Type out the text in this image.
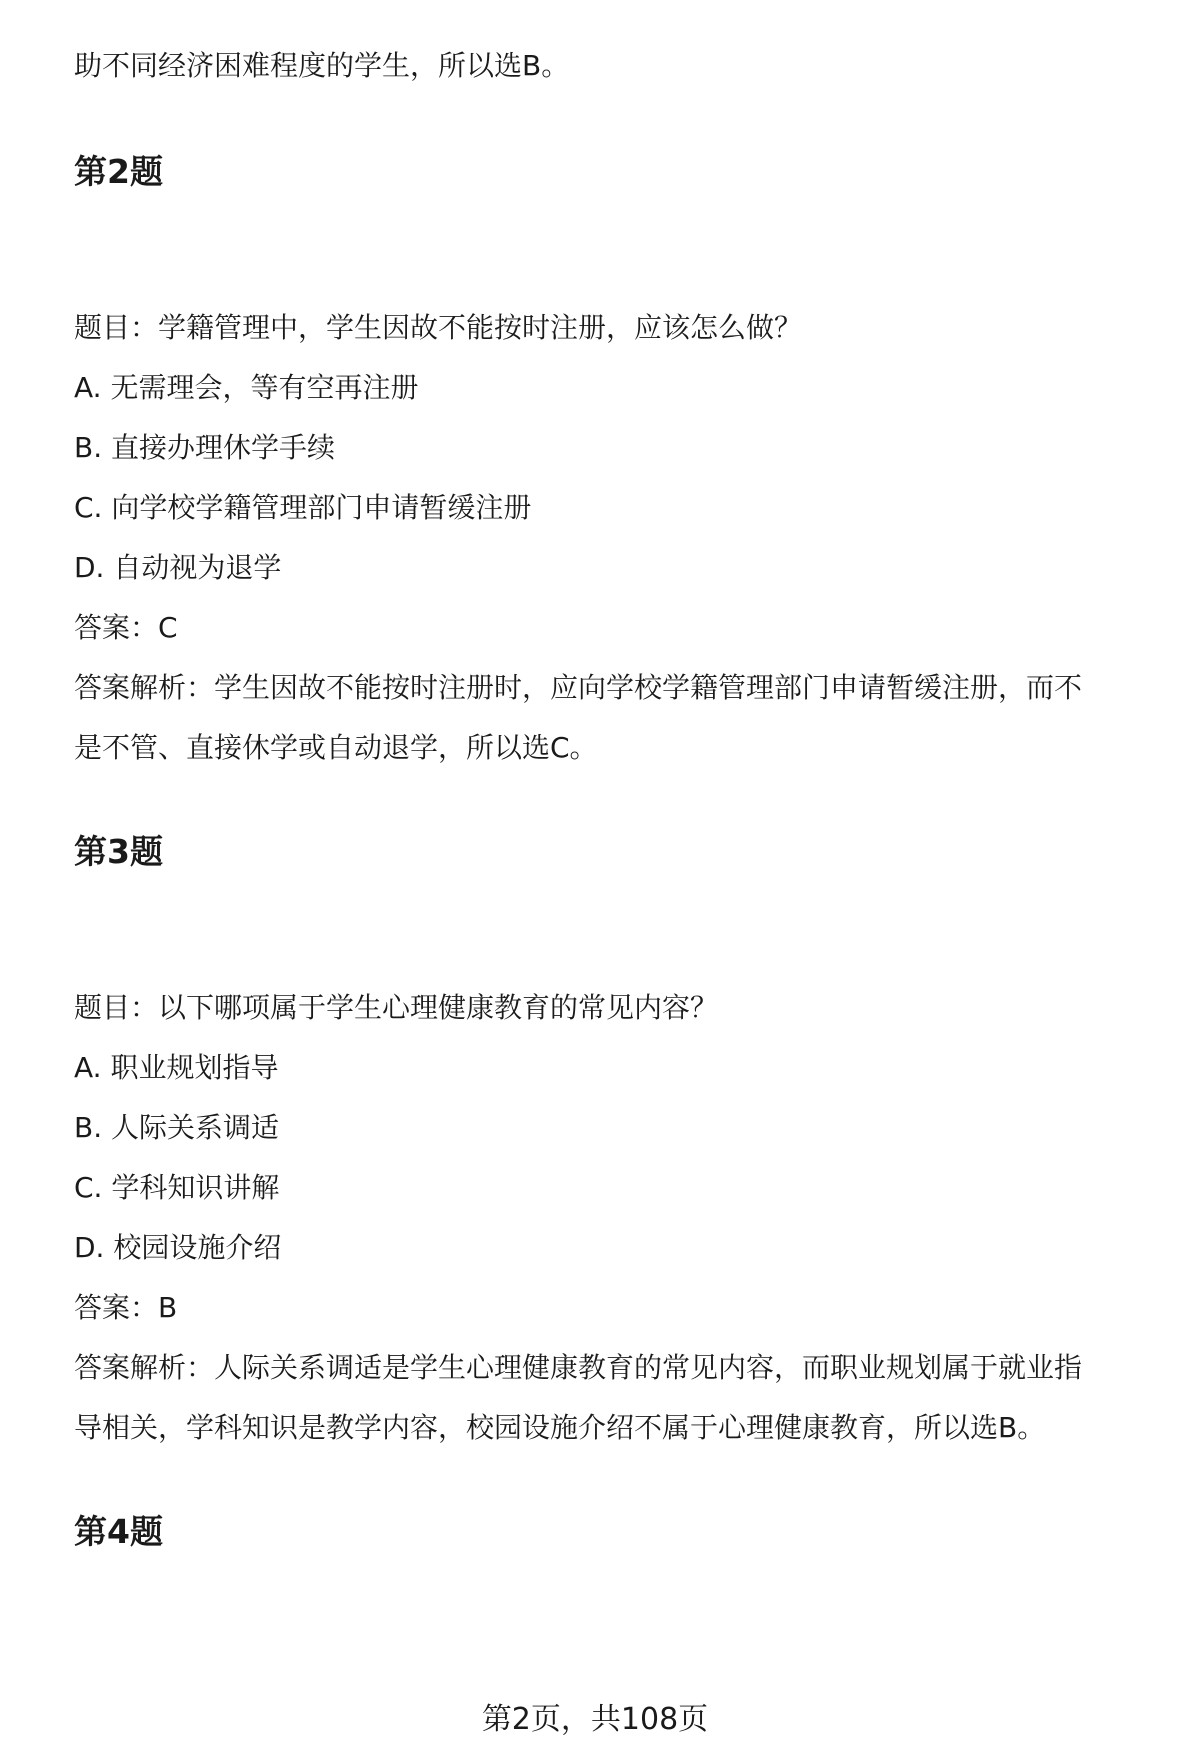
助不同经济困难程度的学生，所以选B。
第2题
题目：学籍管理中，学生因故不能按时注册，应该怎么做？
A. 无需理会，等有空再注册
B. 直接办理休学手续
C. 向学校学籍管理部门申请暂缓注册
D. 自动视为退学
答案：C
答案解析：学生因故不能按时注册时，应向学校学籍管理部门申请暂缓注册，而不
是不管、直接休学或自动退学，所以选C。
第3题
题目：以下哪项属于学生心理健康教育的常见内容？
A. 职业规划指导
B. 人际关系调适
C. 学科知识讲解
D. 校园设施介绍
答案：B
答案解析：人际关系调适是学生心理健康教育的常见内容，而职业规划属于就业指
导相关，学科知识是教学内容，校园设施介绍不属于心理健康教育，所以选B。
第4题
第2页，共108页
